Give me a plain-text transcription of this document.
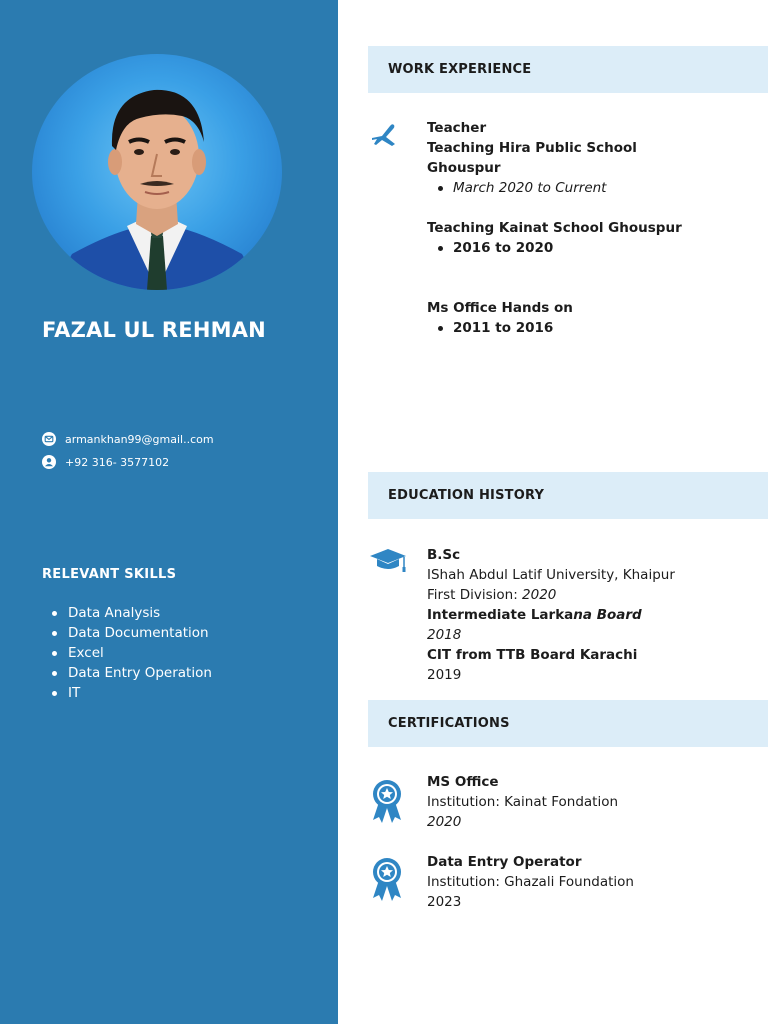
FAZAL UL REHMAN
armankhan99@gmail..com
+92 316- 3577102
RELEVANT SKILLS
Data Analysis
Data Documentation
Excel
Data Entry Operation
IT
WORK EXPERIENCE
Teacher
Teaching Hira Public School
Ghouspur
March 2020 to Current
Teaching Kainat School Ghouspur
2016 to 2020
Ms Office Hands on
2011 to 2016
EDUCATION HISTORY
B.Sc
IShah Abdul Latif University, Khaipur
First Division: 2020
Intermediate Larkana Board
2018
CIT from TTB Board Karachi
2019
CERTIFICATIONS
MS Office
Institution: Kainat Fondation
2020
Data Entry Operator
Institution: Ghazali Foundation
2023
